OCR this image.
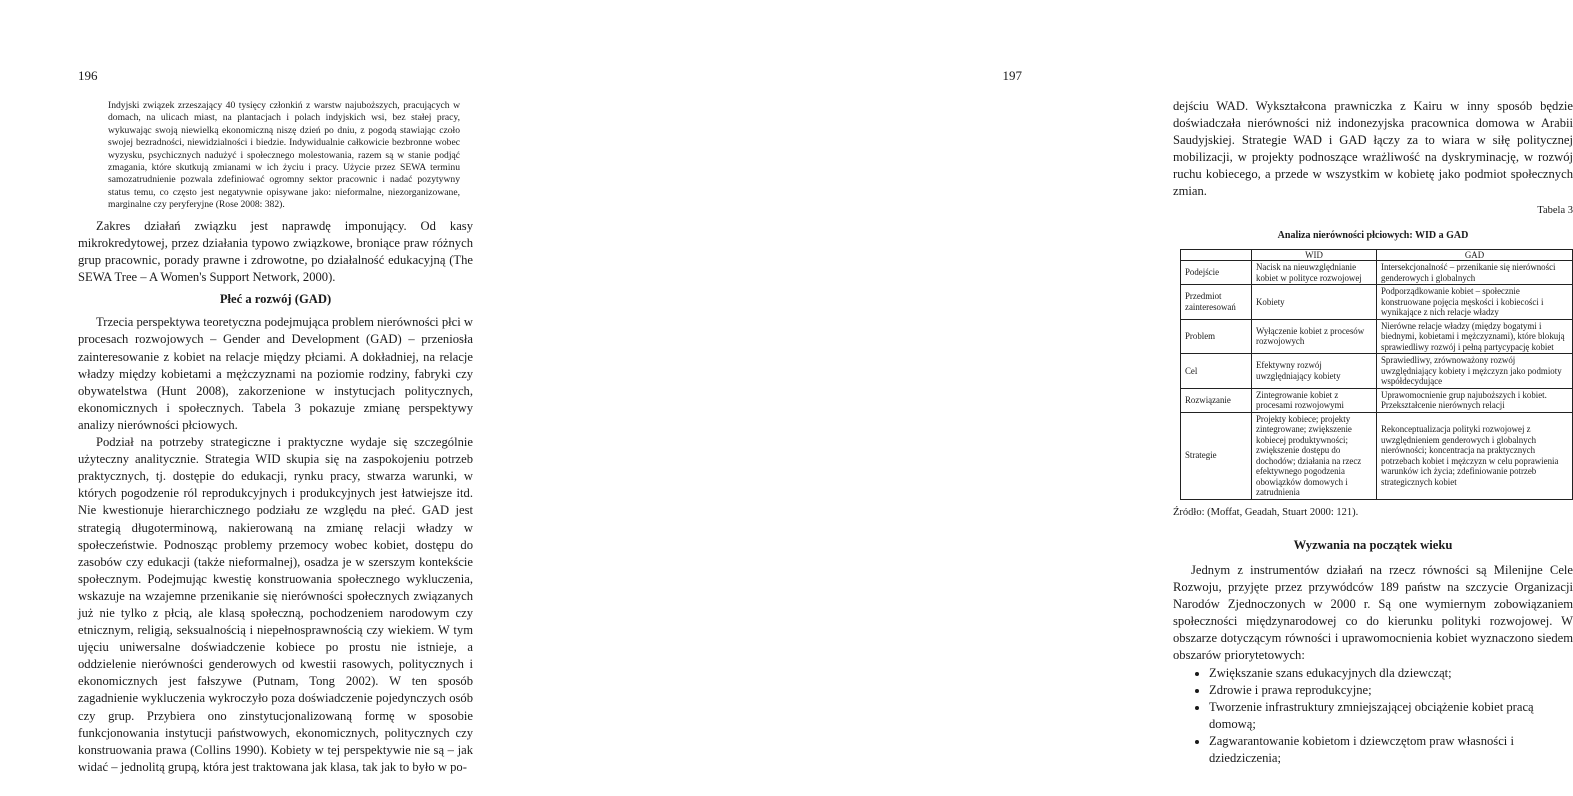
196
Indyjski związek zrzeszający 40 tysięcy członkiń z warstw najuboższych, pracujących w domach, na ulicach miast, na plantacjach i polach indyjskich wsi, bez stałej pracy, wykuwając swoją niewielką ekonomiczną niszę dzień po dniu, z pogodą stawiając czoło swojej bezradności, niewidzialności i biedzie. Indywidualnie całkowicie bezbronne wobec wyzysku, psychicznych nadużyć i społecznego molestowania, razem są w stanie podjąć zmagania, które skutkują zmianami w ich życiu i pracy. Użycie przez SEWA terminu samozatrudnienie pozwala zdefiniować ogromny sektor pracownic i nadać pozytywny status temu, co często jest negatywnie opisywane jako: nieformalne, niezorganizowane, marginalne czy peryferyjne (Rose 2008: 382).

Zakres działań związku jest naprawdę imponujący. Od kasy mikrokredytowej, przez działania typowo związkowe, broniące praw różnych grup pracownic, porady prawne i zdrowotne, po działalność edukacyjną (The SEWA Tree – A Women's Support Network, 2000).

Płeć a rozwój (GAD)

Trzecia perspektywa teoretyczna podejmująca problem nierówności płci w procesach rozwojowych – Gender and Development (GAD) – przeniosła zainteresowanie z kobiet na relacje między płciami. A dokładniej, na relacje władzy między kobietami a mężczyznami na poziomie rodziny, fabryki czy obywatelstwa (Hunt 2008), zakorzenione w instytucjach politycznych, ekonomicznych i społecznych. Tabela 3 pokazuje zmianę perspektywy analizy nierówności płciowych.

Podział na potrzeby strategiczne i praktyczne wydaje się szczególnie użyteczny analitycznie. Strategia WID skupia się na zaspokojeniu potrzeb praktycznych, tj. dostępie do edukacji, rynku pracy, stwarza warunki, w których pogodzenie ról reprodukcyjnych i produkcyjnych jest łatwiejsze itd. Nie kwestionuje hierarchicznego podziału ze względu na płeć. GAD jest strategią długoterminową, nakierowaną na zmianę relacji władzy w społeczeństwie. Podnosząc problemy przemocy wobec kobiet, dostępu do zasobów czy edukacji (także nieformalnej), osadza je w szerszym kontekście społecznym. Podejmując kwestię konstruowania społecznego wykluczenia, wskazuje na wzajemne przenikanie się nierówności społecznych związanych już nie tylko z płcią, ale klasą społeczną, pochodzeniem narodowym czy etnicznym, religią, seksualnością i niepełnosprawnością czy wiekiem. W tym ujęciu uniwersalne doświadczenie kobiece po prostu nie istnieje, a oddzielenie nierówności genderowych od kwestii rasowych, politycznych i ekonomicznych jest fałszywe (Putnam, Tong 2002). W ten sposób zagadnienie wykluczenia wykroczyło poza doświadczenie pojedynczych osób czy grup. Przybiera ono zinstytucjonalizowaną formę w sposobie funkcjonowania instytucji państwowych, ekonomicznych, politycznych czy konstruowania prawa (Collins 1990). Kobiety w tej perspektywie nie są – jak widać – jednolitą grupą, która jest traktowana jak klasa, tak jak to było w po-

197

dejściu WAD. Wykształcona prawniczka z Kairu w inny sposób będzie doświadczała nierówności niż indonezyjska pracownica domowa w Arabii Saudyjskiej. Strategie WAD i GAD łączy za to wiara w siłę politycznej mobilizacji, w projekty podnoszące wrażliwość na dyskryminację, w rozwój ruchu kobiecego, a przede w wszystkim w kobietę jako podmiot społecznych zmian.

Tabela 3

Analiza nierówności płciowych: WID a GAD
	WID	GAD
Podejście	Nacisk na nieuwzględnianie kobiet w polityce rozwojowej	Intersekcjonalność – przenikanie się nierówności genderowych i globalnych
Przedmiot zainteresowań	Kobiety	Podporządkowanie kobiet – społecznie konstruowane pojęcia męskości i kobiecości i wynikające z nich relacje władzy
Problem	Wyłączenie kobiet z procesów rozwojowych	Nierówne relacje władzy (między bogatymi i biednymi, kobietami i mężczyznami), które blokują sprawiedliwy rozwój i pełną partycypację kobiet
Cel	Efektywny rozwój uwzględniający kobiety	Sprawiedliwy, zrównoważony rozwój uwzględniający kobiety i mężczyzn jako podmioty współdecydujące
Rozwiązanie	Zintegrowanie kobiet z procesami rozwojowymi	Uprawomocnienie grup najuboższych i kobiet. Przekształcenie nierównych relacji
Strategie	Projekty kobiece; projekty zintegrowane; zwiększenie kobiecej produktywności; zwiększenie dostępu do dochodów; działania na rzecz efektywnego pogodzenia obowiązków domowych i zatrudnienia	Rekonceptualizacja polityki rozwojowej z uwzględnieniem genderowych i globalnych nierówności; koncentracja na praktycznych potrzebach kobiet i mężczyzn w celu poprawienia warunków ich życia; zdefiniowanie potrzeb strategicznych kobiet

Źródło: (Moffat, Geadah, Stuart 2000: 121).

Wyzwania na początek wieku

Jednym z instrumentów działań na rzecz równości są Milenijne Cele Rozwoju, przyjęte przez przywódców 189 państw na szczycie Organizacji Narodów Zjednoczonych w 2000 r. Są one wymiernym zobowiązaniem społeczności międzynarodowej co do kierunku polityki rozwojowej. W obszarze dotyczącym równości i uprawomocnienia kobiet wyznaczono siedem obszarów priorytetowych:

• Zwiększanie szans edukacyjnych dla dziewcząt;
• Zdrowie i prawa reprodukcyjne;
• Tworzenie infrastruktury zmniejszającej obciążenie kobiet pracą domową;
• Zagwarantowanie kobietom i dziewczętom praw własności i dziedziczenia;
